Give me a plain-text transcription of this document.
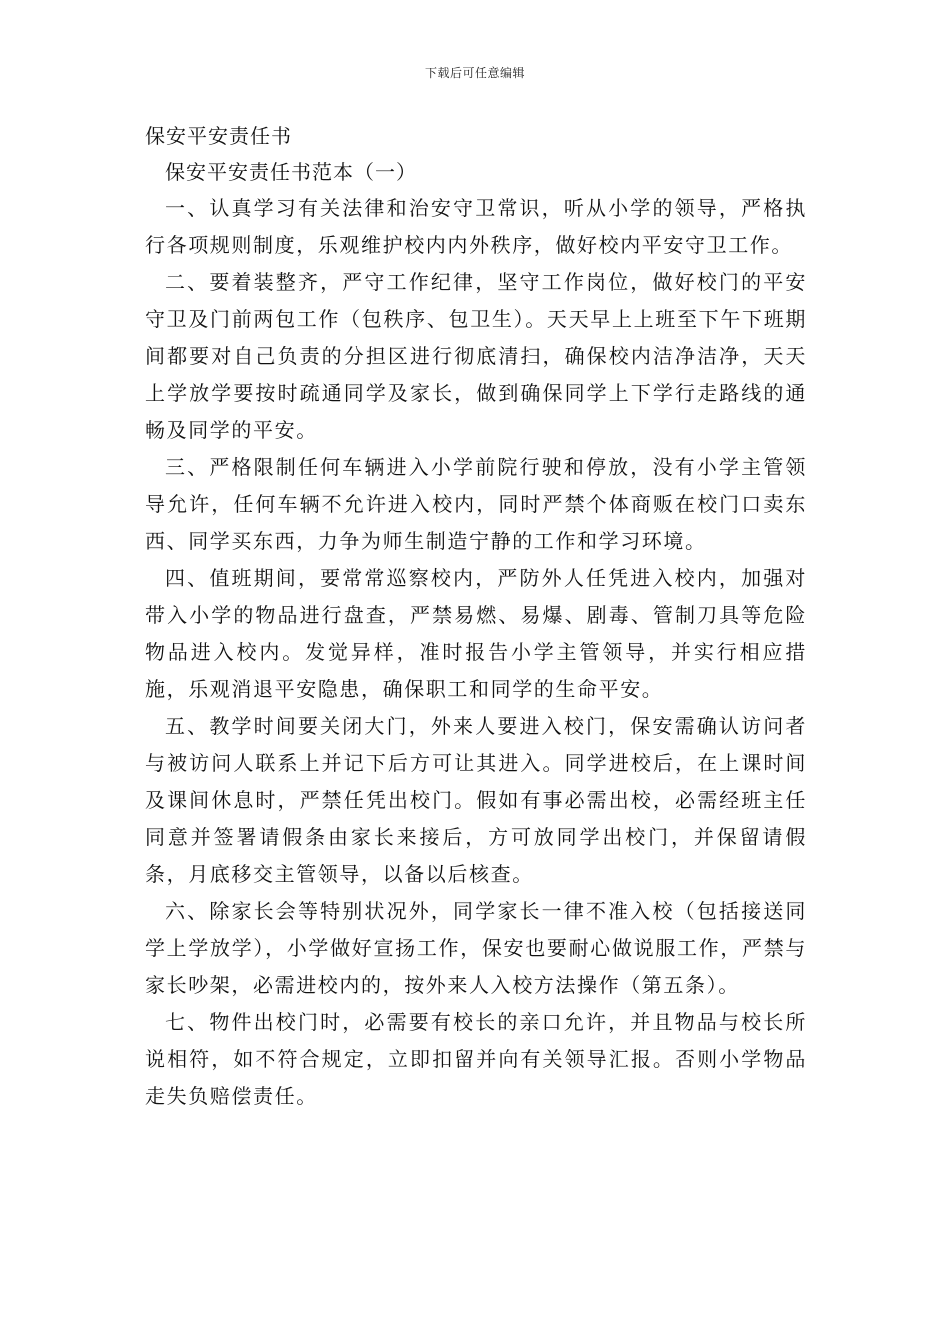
下载后可任意编辑
保安平安责任书
保安平安责任书范本（一）

一、认真学习有关法律和治安守卫常识，听从小学的领导，严格执行各项规则制度，乐观维护校内内外秩序，做好校内平安守卫工作。

二、要着装整齐，严守工作纪律，坚守工作岗位，做好校门的平安守卫及门前两包工作（包秩序、包卫生）。天天早上上班至下午下班期间都要对自己负责的分担区进行彻底清扫，确保校内洁净洁净，天天上学放学要按时疏通同学及家长，做到确保同学上下学行走路线的通畅及同学的平安。

三、严格限制任何车辆进入小学前院行驶和停放，没有小学主管领导允许，任何车辆不允许进入校内，同时严禁个体商贩在校门口卖东西、同学买东西，力争为师生制造宁静的工作和学习环境。

四、值班期间，要常常巡察校内，严防外人任凭进入校内，加强对带入小学的物品进行盘查，严禁易燃、易爆、剧毒、管制刀具等危险物品进入校内。发觉异样，准时报告小学主管领导，并实行相应措施，乐观消退平安隐患，确保职工和同学的生命平安。

五、教学时间要关闭大门，外来人要进入校门，保安需确认访问者与被访问人联系上并记下后方可让其进入。同学进校后，在上课时间及课间休息时，严禁任凭出校门。假如有事必需出校，必需经班主任同意并签署请假条由家长来接后，方可放同学出校门，并保留请假条，月底移交主管领导，以备以后核查。

六、除家长会等特别状况外，同学家长一律不准入校（包括接送同学上学放学），小学做好宣扬工作，保安也要耐心做说服工作，严禁与家长吵架，必需进校内的，按外来人入校方法操作（第五条）。

七、物件出校门时，必需要有校长的亲口允许，并且物品与校长所说相符，如不符合规定，立即扣留并向有关领导汇报。否则小学物品走失负赔偿责任。
